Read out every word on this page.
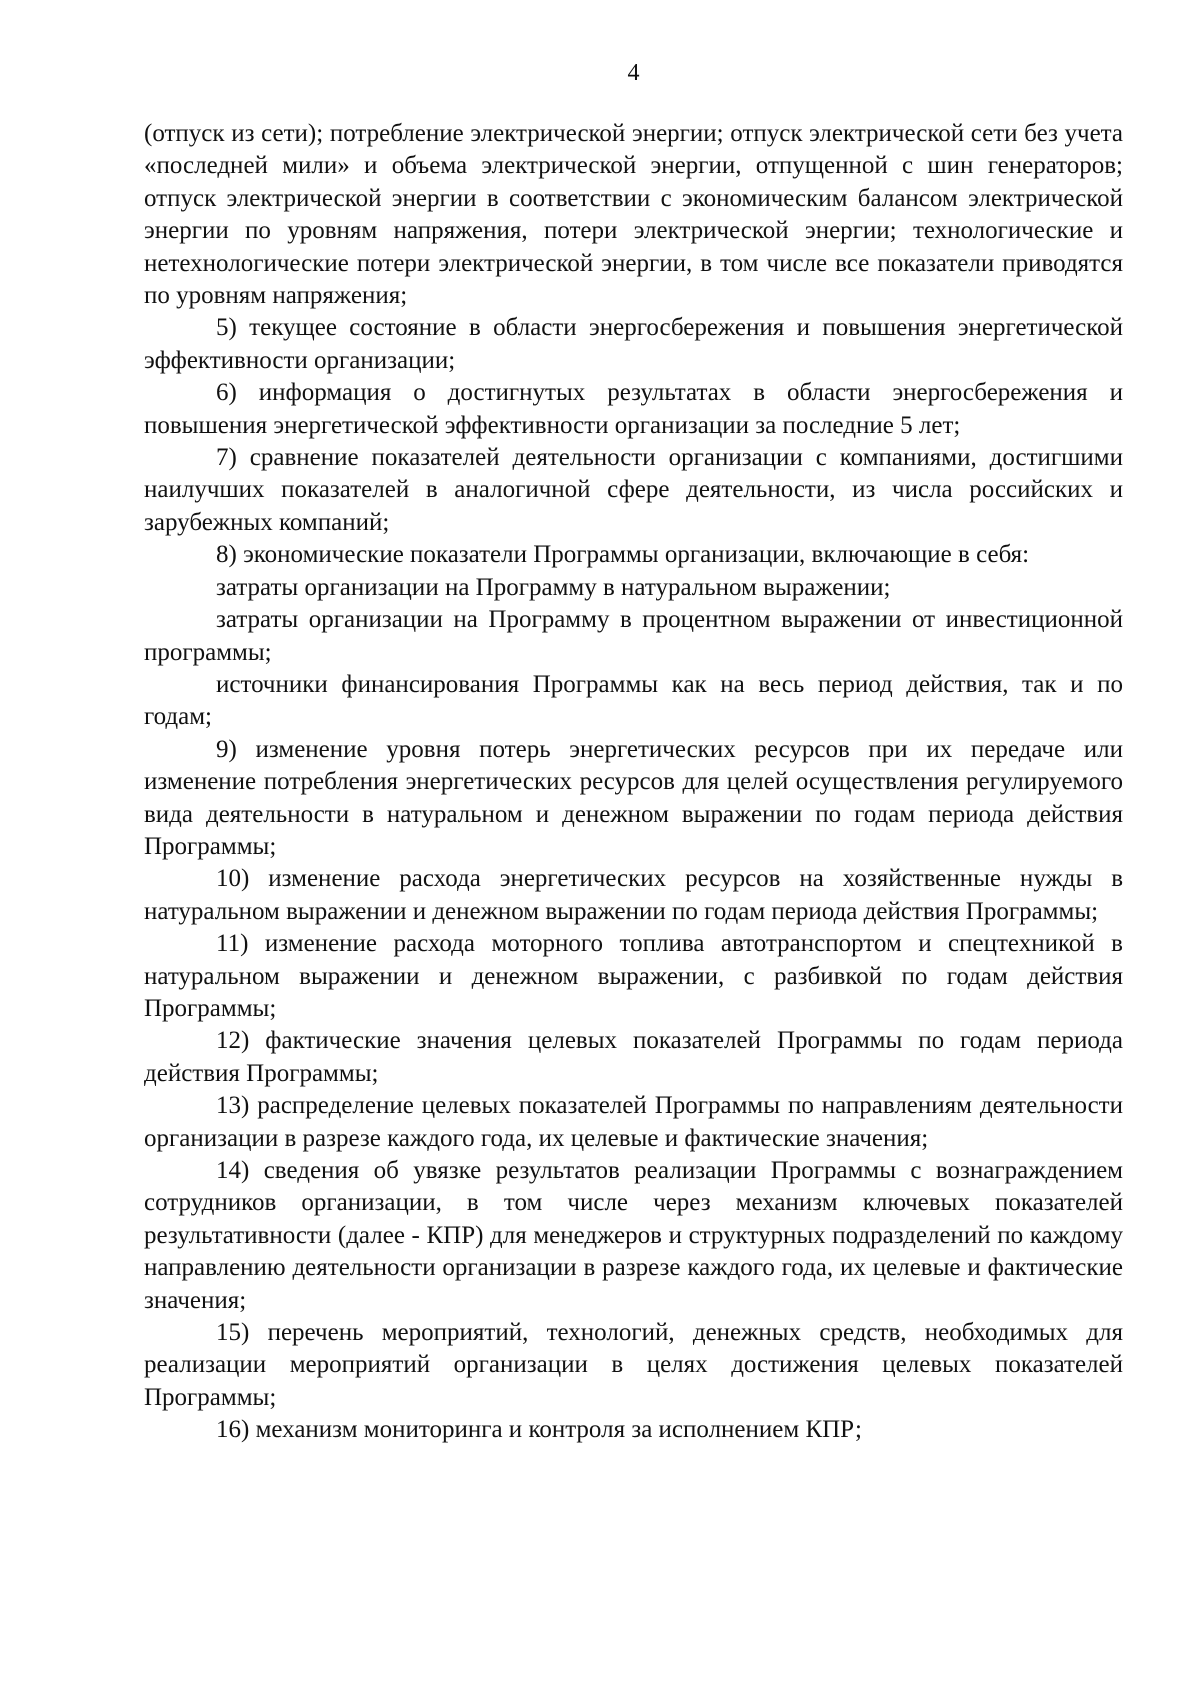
4

(отпуск из сети); потребление электрической энергии; отпуск электрической сети без учета «последней мили» и объема электрической энергии, отпущенной с шин генераторов; отпуск электрической энергии в соответствии с экономическим балансом электрической энергии по уровням напряжения, потери электрической энергии; технологические и нетехнологические потери электрической энергии, в том числе все показатели приводятся по уровням напряжения;

5) текущее состояние в области энергосбережения и повышения энергетической эффективности организации;

6) информация о достигнутых результатах в области энергосбережения и повышения энергетической эффективности организации за последние 5 лет;

7) сравнение показателей деятельности организации с компаниями, достигшими наилучших показателей в аналогичной сфере деятельности, из числа российских и зарубежных компаний;

8) экономические показатели Программы организации, включающие в себя:

затраты организации на Программу в натуральном выражении;

затраты организации на Программу в процентном выражении от инвестиционной программы;

источники финансирования Программы как на весь период действия, так и по годам;

9) изменение уровня потерь энергетических ресурсов при их передаче или изменение потребления энергетических ресурсов для целей осуществления регулируемого вида деятельности в натуральном и денежном выражении по годам периода действия Программы;

10) изменение расхода энергетических ресурсов на хозяйственные нужды в натуральном выражении и денежном выражении по годам периода действия Программы;

11) изменение расхода моторного топлива автотранспортом и спецтехникой в натуральном выражении и денежном выражении, с разбивкой по годам действия Программы;

12) фактические значения целевых показателей Программы по годам периода действия Программы;

13) распределение целевых показателей Программы по направлениям деятельности организации в разрезе каждого года, их целевые и фактические значения;

14) сведения об увязке результатов реализации Программы с вознаграждением сотрудников организации, в том числе через механизм ключевых показателей результативности (далее - КПР) для менеджеров и структурных подразделений по каждому направлению деятельности организации в разрезе каждого года, их целевые и фактические значения;

15) перечень мероприятий, технологий, денежных средств, необходимых для реализации мероприятий организации в целях достижения целевых показателей Программы;

16) механизм мониторинга и контроля за исполнением КПР;
